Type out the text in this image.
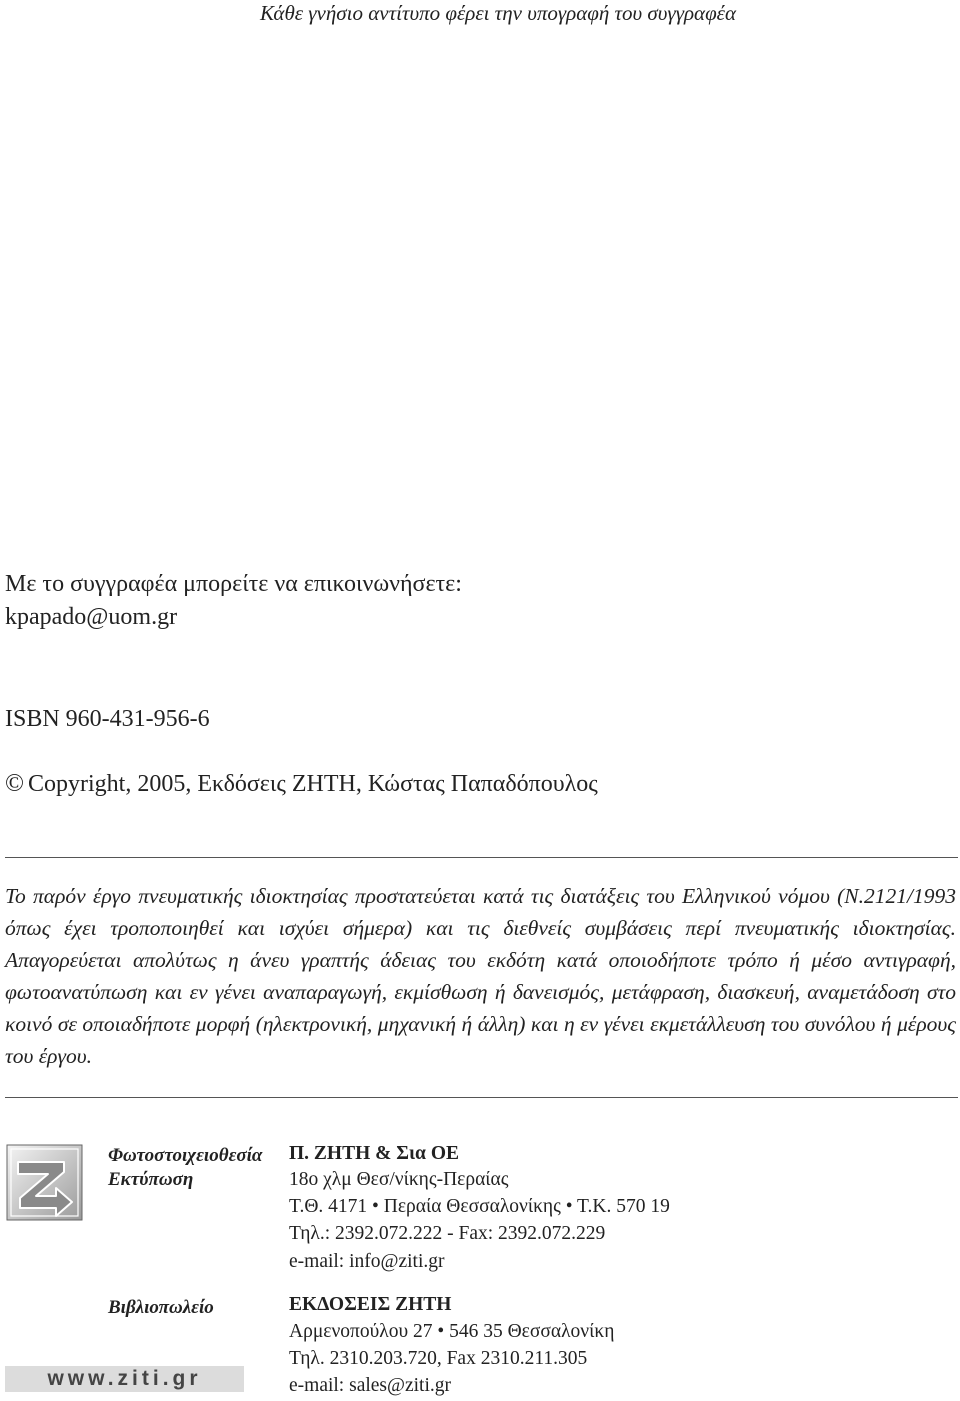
Κάθε γνήσιο αντίτυπο φέρει την υπογραφή του συγγραφέα
Με το συγγραφέα μπορείτε να επικοινωνήσετε:
kpapado@uom.gr
ISBN 960-431-956-6
© Copyright, 2005, Εκδόσεις ΖΗΤΗ, Κώστας Παπαδόπουλος
Το παρόν έργο πνευματικής ιδιοκτησίας προστατεύεται κατά τις διατάξεις του Ελληνικού νόμου (Ν.2121/1993 όπως έχει τροποποιηθεί και ισχύει σήμερα) και τις διεθνείς συμβάσεις περί πνευματικής ιδιοκτησίας. Απαγορεύεται απολύτως η άνευ γραπτής άδειας του εκδότη κατά οποιοδήποτε τρόπο ή μέσο αντιγραφή, φωτοανατύπωση και εν γένει αναπαραγωγή, εκμίσθωση ή δανεισμός, μετάφραση, διασκευή, αναμετάδοση στο κοινό σε οποιαδήποτε μορφή (ηλεκτρονική, μηχανική ή άλλη) και η εν γένει εκμετάλλευση του συνόλου ή μέρους του έργου.
www.ziti.gr
Φωτοστοιχειοθεσία
Εκτύπωση
Βιβλιοπωλείο
Π. ΖΗΤΗ & Σια ΟΕ
18ο χλμ Θεσ/νίκης-Περαίας
Τ.Θ. 4171 • Περαία Θεσσαλονίκης • Τ.Κ. 570 19
Τηλ.: 2392.072.222 - Fax: 2392.072.229
e-mail: info@ziti.gr
ΕΚΔΟΣΕΙΣ ΖΗΤΗ
Αρμενοπούλου 27 • 546 35 Θεσσαλονίκη
Τηλ. 2310.203.720, Fax 2310.211.305
e-mail: sales@ziti.gr
